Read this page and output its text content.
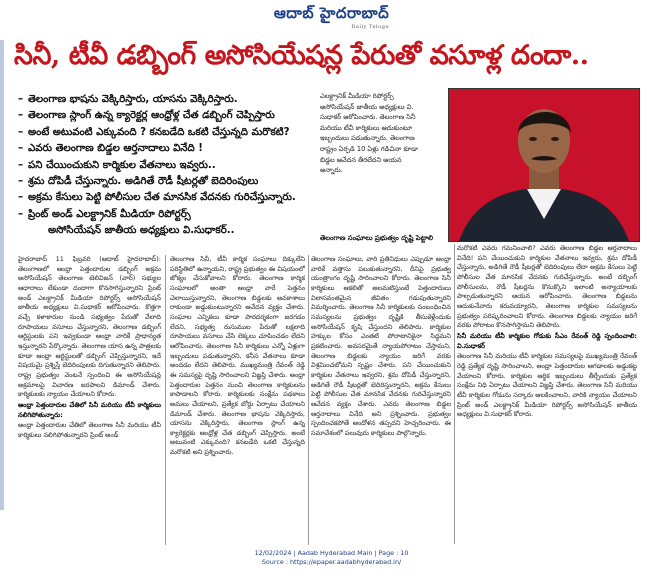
ఆదాబ్ హైదరాబాద్
Daily Telugu
సినీ, టీవీ డబ్బింగ్ అసోసియేషన్ల పేరుతో వసూళ్ల దందా..
– తెలంగాణ భాషను వెక్కిరిస్తారు, యాసను వెక్కిరిస్తారు.
– తెలంగాణ స్లాంగ్ ఉన్న క్యారెక్టర్ల ఆంధ్రోళ్ల చేత డబ్బింగ్ చెప్పిస్తారు
– అంటే అటువంటి ఎక్కువంది ? కనబడేది ఒకటి చేస్తున్నది మరొకటి?
– ఎవరు తెలంగాణ బిడ్డల ఆర్తనాదాలు వినేది !
– పని చేయించుకుని కార్మికుల వేతనాలు ఇవ్వరు..
– శ్రమ దోపిడీ చేస్తున్నారు. అడిగితే రౌడీ షీటర్లతో బెదిరింపులు
– అక్రమ కేసులు పెట్టి పోలీసుల చేత మానసిక వేదనకు గురిచేస్తున్నారు.
– ప్రింట్ అండ్ ఎలక్ట్రానిక్ మీడియా రిపోర్టర్స్
అసోసియేషన్ జాతీయ అధ్యక్షులు వి.సుధాకర్..
ఎలక్ట్రానిక్ మీడియా రిపోర్టర్స్ అసోసియేషన్ జాతీయ అధ్యక్షులు వి. సుధాకర్ ఆరోపించారు. తెలంగాణ సినీ మరియు టీవీ కార్మికులు ఆదుకుంటూ ఇబ్బందులు పడుతున్నారు. తెలంగాణ రాష్ట్రం ఏర్పడి 10 ఏళ్లు గడిచినా కూడా బిడ్డల ఆవేదన తీరలేదని ఆయన అన్నారు.
తెలంగాణ సంఘాలు ప్రభుత్వం దృష్టి పెట్టాలి

హైదరాబాద్ 11 ఫిబ్రవరి (ఆదాబ్ హైదరాబాద్): తెలంగాణలో ఆంధ్రా పెత్తందారుల డబ్బింగ్ అక్రమ అసోసియేషన్ తెలంగాణ టెలివిజన్ (వార్) సభ్యుల ఆధారాలు లేకుండా దందాగా కొనసాగిస్తున్నారని ప్రింట్ అండ్ ఎలక్ట్రానిక్ మీడియా రిపోర్టర్స్ అసోసియేషన్ జాతీయ అధ్యక్షులు వి.సుధాకర్ ఆరోపించారు. కొత్తగా వచ్చే కళాకారుల నుండి సభ్యత్వం పేరుతో వేలాది రూపాయలు వసూలు చేస్తున్నారని, తెలంగాణ డబ్బింగ్ ఆర్టిస్టులకు పని ఇవ్వకుండా ఆంధ్రా వారికే ప్రాధాన్యత ఇస్తున్నారని పేర్కొన్నారు. తెలంగాణ యాస ఉన్న పాత్రలకు కూడా ఆంధ్రా ఆర్టిస్టులతో డబ్బింగ్ చెప్పిస్తున్నారని, ఇదే విషయమై ప్రశ్నిస్తే బెదిరింపులకు దిగుతున్నారని తెలిపారు. రాష్ట్ర ప్రభుత్వం వెంటనే స్పందించి ఈ అసోసియేషన్ల అక్రమాలపై విచారణ జరపాలని డిమాండ్ చేశారు. కార్మికులకు న్యాయం చేయాలని కోరారు.

ఆంధ్రా పెత్తందారుల చేతిలో సినీ మరియు టీవీ కార్మికులు నలిగిపోతున్నారు:

ఆంధ్రా పెత్తందారుల చేతిలో తెలంగాణ సినీ మరియు టీవీ కార్మికులు నలిగిపోతున్నారని ప్రింట్ అండ్

తెలంగాణ సినీ, టీవీ కార్మిక సంఘాలు దిక్కులేని పరిస్థితిలో ఉన్నాయని, రాష్ట్ర ప్రభుత్వం ఈ విషయంలో జోక్యం చేసుకోవాలని కోరారు. తెలంగాణ కార్మిక సంఘాలలో అంతా ఆంధ్రా వారే పెత్తనం చెలాయిస్తున్నారని, తెలంగాణ బిడ్డలకు అవకాశాలు రాకుండా అడ్డుకుంటున్నారని ఆవేదన వ్యక్తం చేశారు. సంఘాల ఎన్నికలు కూడా పారదర్శకంగా జరగడం లేదని, సభ్యత్వ రుసుముల పేరుతో లక్షలాది రూపాయలు వసూలు చేసి లెక్కలు చూపించడం లేదని ఆరోపించారు. తెలంగాణ సినీ కార్మికులు ఎన్నో ఏళ్లుగా ఇబ్బందులు పడుతున్నారని, కనీస వేతనాలు కూడా అందడం లేదని తెలిపారు. ముఖ్యమంత్రి రేవంత్ రెడ్డి ఈ సమస్యపై దృష్టి సారించాలని విజ్ఞప్తి చేశారు. ఆంధ్రా పెత్తందారుల పెత్తనం నుంచి తెలంగాణ కార్మికులను కాపాడాలని కోరారు. కార్మికులకు సంక్షేమ పథకాలు అమలు చేయాలని, ప్రత్యేక బోర్డు ఏర్పాటు చేయాలని డిమాండ్ చేశారు. తెలంగాణ భాషను వెక్కిరిస్తారు, యాసను వెక్కిరిస్తారు, తెలంగాణ స్లాంగ్ ఉన్న క్యారెక్టర్లకు ఆంధ్రోళ్ల చేత డబ్బింగ్ చెప్పిస్తారు. అంటే అటువంటి ఎక్కువంది? కనబడేది ఒకటి చేస్తున్నది మరొకటి అని ప్రశ్నించారు.

తెలంగాణ సంఘాలు, వారి ప్రతినిధులు ఎప్పుడూ ఆంధ్రా వారికే వత్తాసు పలుకుతున్నారని, దీనిపై ప్రభుత్వ యంత్రాంగం దృష్టి సారించాలని కోరారు. తెలంగాణ సినీ కార్మికులు ఆకలితో అలమటిస్తుంటే పెత్తందారులు విలాసవంతమైన జీవితం గడుపుతున్నారని విమర్శించారు. తెలంగాణ సినీ కార్మికులకు సంబంధించిన సమస్యలను ప్రభుత్వం దృష్టికి తీసుకెళ్లేందుకు అసోసియేషన్ కృషి చేస్తుందని తెలిపారు. కార్మికుల హక్కుల కోసం ఎంతటి పోరాటానికైనా సిద్ధమని ప్రకటించారు. అవసరమైతే న్యాయపోరాటం చేస్తామని, తెలంగాణ బిడ్డలకు న్యాయం జరిగే వరకు విశ్రమించబోమని స్పష్టం చేశారు. పని చేయించుకుని కార్మికుల వేతనాలు ఇవ్వరని, శ్రమ దోపిడీ చేస్తున్నారని, అడిగితే రౌడీ షీటర్లతో బెదిరిస్తున్నారని, అక్రమ కేసులు పెట్టి పోలీసుల చేత మానసిక వేదనకు గురిచేస్తున్నారని ఆవేదన వ్యక్తం చేశారు. ఎవరు తెలంగాణ బిడ్డల ఆర్తనాదాలు వినేది అని ప్రశ్నించారు. ప్రభుత్వం స్పందించకపోతే ఆందోళన తప్పదని హెచ్చరించారు. ఈ సమావేశంలో పలువురు కార్మికులు పాల్గొన్నారు.

మరొకటి ఎవరు గమనించాలి? ఎవరు తెలంగాణ బిడ్డల ఆర్తనాదాలు వినేది! పని చేయించుకుని కార్మికుల వేతనాలు ఇవ్వరు, శ్రమ దోపిడీ చేస్తున్నారు, అడిగితే రౌడీ షీటర్లతో బెదిరింపులు లేదా అక్రమ కేసులు పెట్టి పోలీసుల చేత మానసిక వేదనకు గురిచేస్తున్నారు. అంటే దబ్బింగ్ పోలీసులను, రౌడీ షీటర్లను కొనుక్కొని ఇలాంటి అన్యాయాలకు పాల్పడుతున్నారని ఆయన ఆరోపించారు. తెలంగాణ బిడ్డలను ఆదుకునేవారు కరువయ్యారని, తెలంగాణ కార్మికుల సమస్యలను ప్రభుత్వం పరిష్కరించాలని కోరారు. తెలంగాణ బిడ్డలకు న్యాయం జరిగే వరకు పోరాటం కొనసాగిస్తామని తెలిపారు.

సినీ మరియు టీవీ కార్మికుల గోడుకు సీఎం రేవంత్ రెడ్డి స్పందించాలి: వి.సుధాకర్

తెలంగాణ సినీ మరియు టీవీ కార్మికుల సమస్యలపై ముఖ్యమంత్రి రేవంత్ రెడ్డి ప్రత్యేక దృష్టి సారించాలని, ఆంధ్రా పెత్తందారుల ఆగడాలకు అడ్డుకట్ట వేయాలని కోరారు. కార్మికుల ఆర్థిక ఇబ్బందులు తీర్చేందుకు ప్రత్యేక సంక్షేమ నిధి ఏర్పాటు చేయాలని విజ్ఞప్తి చేశారు. తెలంగాణ సినీ మరియు టీవీ కార్మికుల గోడును సర్కారు ఆలకించాలని, వారికి న్యాయం చేయాలని ప్రింట్ అండ్ ఎలక్ట్రానిక్ మీడియా రిపోర్టర్స్ అసోసియేషన్ జాతీయ అధ్యక్షులు వి.సుధాకర్ కోరారు.

12/02/2024 | Aadab Hyderabad Main | Page : 10
Source : https://epaper.aadabhyderabad.in/
